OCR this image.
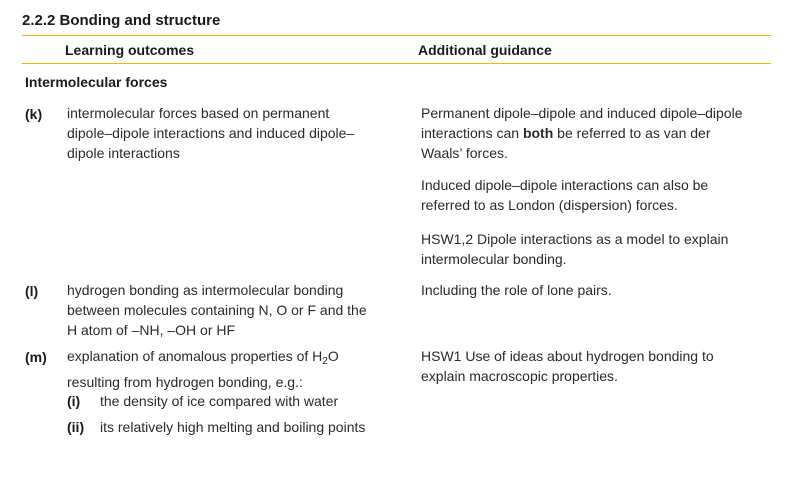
2.2.2 Bonding and structure
Learning outcomes	Additional guidance
Intermolecular forces
(k) intermolecular forces based on permanent
dipole–dipole interactions and induced dipole–
dipole interactions
Permanent dipole–dipole and induced dipole–dipole
interactions can both be referred to as van der
Waals’ forces.
Induced dipole–dipole interactions can also be
referred to as London (dispersion) forces.
HSW1,2 Dipole interactions as a model to explain
intermolecular bonding.
(l) hydrogen bonding as intermolecular bonding
between molecules containing N, O or F and the
H atom of –NH, –OH or HF
Including the role of lone pairs.
(m) explanation of anomalous properties of $H_2O$
resulting from hydrogen bonding, e.g.:
(i) the density of ice compared with water
(ii) its relatively high melting and boiling points
HSW1 Use of ideas about hydrogen bonding to
explain macroscopic properties.
